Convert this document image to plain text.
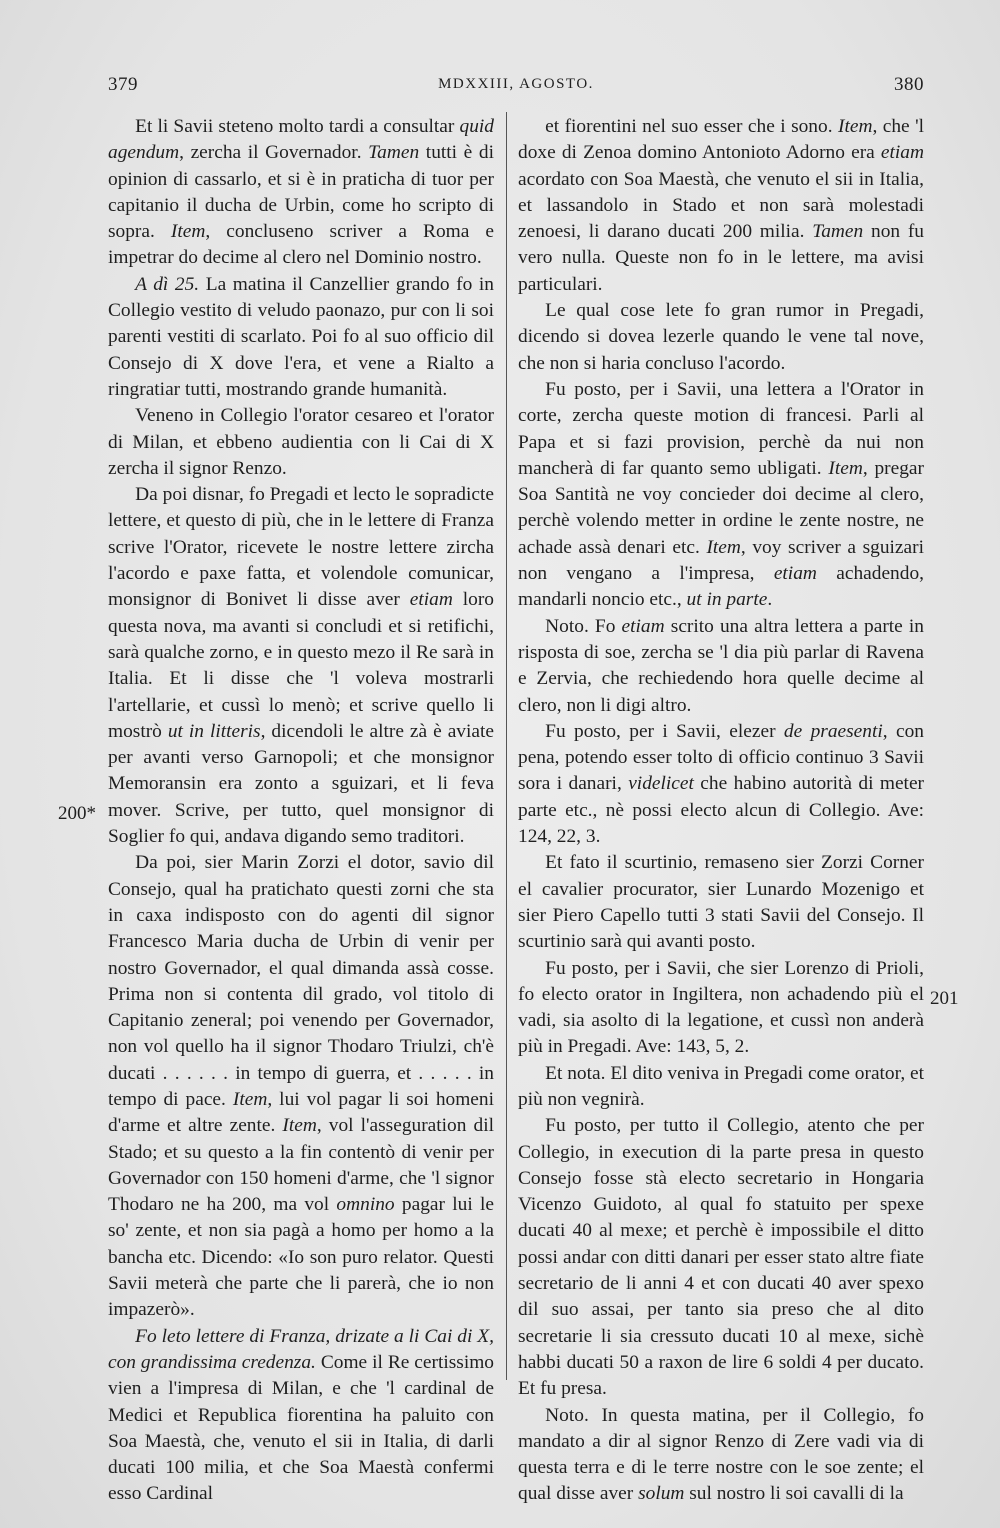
379	MDXXIII, AGOSTO.	380

Et li Savii steteno molto tardi a consultar quid agendum, zercha il Governador. Tamen tutti è di opinion di cassarlo, et si è in praticha di tuor per capitanio il ducha de Urbin, come ho scripto di sopra. Item, concluseno scriver a Roma e impetrar do decime al clero nel Dominio nostro.

A dì 25. La matina il Canzellier grando fo in Collegio vestito di veludo paonazo, pur con li soi parenti vestiti di scarlato. Poi fo al suo officio dil Consejo di X dove l'era, et vene a Rialto a ringratiar tutti, mostrando grande humanità.

Veneno in Collegio l'orator cesareo et l'orator di Milan, et ebbeno audientia con li Cai di X zercha il signor Renzo.

Da poi disnar, fo Pregadi et lecto le sopradicte lettere, et questo di più, che in le lettere di Franza scrive l'Orator, ricevete le nostre lettere zircha l'acordo e paxe fatta, et volendole comunicar, monsignor di Bonivet li disse aver etiam loro questa nova, ma avanti si concludi et si retifichi, sarà qualche zorno, e in questo mezo il Re sarà in Italia. Et li disse che 'l voleva mostrarli l'artellarie, et cussì lo menò; et scrive quello li mostrò ut in litteris, dicendoli le altre zà è aviate per avanti verso Garnopoli; et che monsignor Memoransin era zonto a sguizari, et li feva mover. Scrive, per tutto, quel monsignor di Soglier fo qui, andava digando semo traditori.

Da poi, sier Marin Zorzi el dotor, savio dil Consejo, qual ha pratichato questi zorni che sta in caxa indisposto con do agenti dil signor Francesco Maria ducha de Urbin di venir per nostro Governador, el qual dimanda assà cosse. Prima non si contenta dil grado, vol titolo di Capitanio zeneral; poi venendo per Governador, non vol quello ha il signor Thodaro Triulzi, ch'è ducati . . . . . . in tempo di guerra, et . . . . . in tempo di pace. Item, lui vol pagar li soi homeni d'arme et altre zente. Item, vol l'asseguration dil Stado; et su questo a la fin contentò di venir per Governador con 150 homeni d'arme, che 'l signor Thodaro ne ha 200, ma vol omnino pagar lui le so' zente, et non sia pagà a homo per homo a la bancha etc. Dicendo: «Io son puro relator. Questi Savii meterà che parte che li parerà, che io non impazerò».

Fo leto lettere di Franza, drizate a li Cai di X, con grandissima credenza. Come il Re certissimo vien a l'impresa di Milan, e che 'l cardinal de Medici et Republica fiorentina ha paluito con Soa Maestà, che, venuto el sii in Italia, di darli ducati 100 milia, et che Soa Maestà confermi esso Cardinal

et fiorentini nel suo esser che i sono. Item, che 'l doxe di Zenoa domino Antonioto Adorno era etiam acordato con Soa Maestà, che venuto el sii in Italia, et lassandolo in Stado et non sarà molestadi zenoesi, li darano ducati 200 milia. Tamen non fu vero nulla. Queste non fo in le lettere, ma avisi particulari.

Le qual cose lete fo gran rumor in Pregadi, dicendo si dovea lezerle quando le vene tal nove, che non si haria concluso l'acordo.

Fu posto, per i Savii, una lettera a l'Orator in corte, zercha queste motion di francesi. Parli al Papa et si fazi provision, perchè da nui non mancherà di far quanto semo ubligati. Item, pregar Soa Santità ne voy concieder doi decime al clero, perchè volendo metter in ordine le zente nostre, ne achade assà denari etc. Item, voy scriver a sguizari non vengano a l'impresa, etiam achadendo, mandarli noncio etc., ut in parte.

Noto. Fo etiam scrito una altra lettera a parte in risposta di soe, zercha se 'l dia più parlar di Ravena e Zervia, che rechiedendo hora quelle decime al clero, non li digi altro.

Fu posto, per i Savii, elezer de praesenti, con pena, potendo esser tolto di officio continuo 3 Savii sora i danari, videlicet che habino autorità di meter parte etc., nè possi electo alcun di Collegio. Ave: 124, 22, 3.

Et fato il scurtinio, remaseno sier Zorzi Corner el cavalier procurator, sier Lunardo Mozenigo et sier Piero Capello tutti 3 stati Savii del Consejo. Il scurtinio sarà qui avanti posto.

Fu posto, per i Savii, che sier Lorenzo di Prioli, fo electo orator in Ingiltera, non achadendo più el vadi, sia asolto di la legatione, et cussì non anderà più in Pregadi. Ave: 143, 5, 2.

Et nota. El dito veniva in Pregadi come orator, et più non vegnirà.

Fu posto, per tutto il Collegio, atento che per Collegio, in execution di la parte presa in questo Consejo fosse stà electo secretario in Hongaria Vicenzo Guidoto, al qual fo statuito per spexe ducati 40 al mexe; et perchè è impossibile el ditto possi andar con ditti danari per esser stato altre fiate secretario de li anni 4 et con ducati 40 aver spexo dil suo assai, per tanto sia preso che al dito secretarie li sia cressuto ducati 10 al mexe, sichè habbi ducati 50 a raxon de lire 6 soldi 4 per ducato. Et fu presa.

Noto. In questa matina, per il Collegio, fo mandato a dir al signor Renzo di Zere vadi via di questa terra e di le terre nostre con le soe zente; el qual disse aver solum sul nostro li soi cavalli di la

200*
201
